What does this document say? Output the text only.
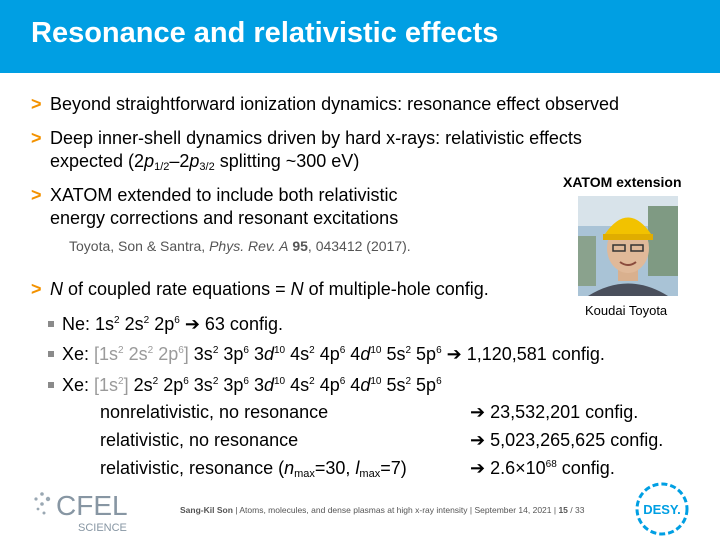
Resonance and relativistic effects
> Beyond straightforward ionization dynamics: resonance effect observed
> Deep inner-shell dynamics driven by hard x-rays: relativistic effects
expected ($2p_{1/2}-2p_{3/2}$ splitting ~300 eV)
> XATOM extended to include both relativistic
energy corrections and resonant excitations
Toyota, Son & Santra, Phys. Rev. A 95, 043412 (2017).
> N of coupled rate equations = N of multiple-hole config.
Ne: $1s^2$ $2s^2$ $2p^6$ ➔ 63 config.
Xe: [$1s^2$ $2s^2$ $2p^6$] $3s^2$ $3p^6$ $3d^{10}$ $4s^2$ $4p^6$ $4d^{10}$ $5s^2$ $5p^6$ ➔ 1,120,581 config.
Xe: $[1s^2]$ $2s^2$ $2p^6$ $3s^2$ $3p^6$ $3d^{10}$ $4s^2$ $4p^6$ $4d^{10}$ $5s^2$ $5p^6$
nonrelativistic, no resonance	➔ 23,532,201 config.
relativistic, no resonance	➔ 5,023,265,625 config.
relativistic, resonance ($n_{max}=30$, $l_{max}=7$)	➔ $2.6\times 10^{68}$ config.
XATOM extension
Koudai Toyota
CFEL
SCIENCE
Sang-Kil Son | Atoms, molecules, and dense plasmas at high x-ray intensity | September 14, 2021 | 15 / 33	DESY.
